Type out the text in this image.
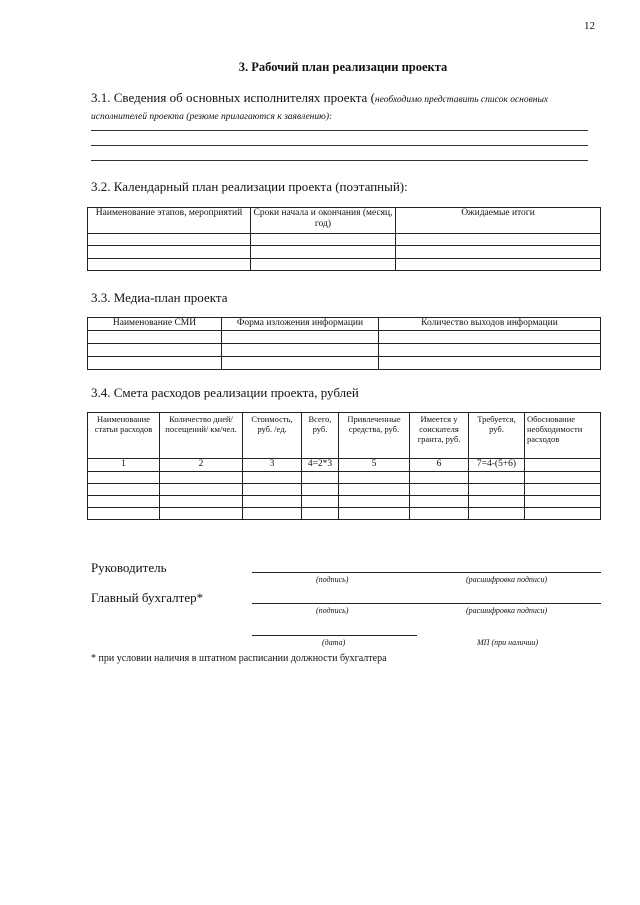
12
3. Рабочий план реализации проекта
3.1. Сведения об основных исполнителях проекта (необходимо представить список основных исполнителей проекта (резюме прилагаются к заявлению):
3.2. Календарный план реализации проекта (поэтапный):
Наименование этапов, мероприятий	Сроки начала и окончания (месяц, год)	Ожидаемые итоги

3.3. Медиа-план проекта
Наименование СМИ	Форма изложения информации	Количество выходов информации

3.4. Смета расходов реализации проекта, рублей
Наименование статьи расходов	Количество дней/посещений/ км/чел.	Стоимость, руб. /ед.	Всего, руб.	Привлеченные средства, руб.	Имеется у соискателя гранта, руб.	Требуется, руб.	Обоснование необходимости расходов
1	2	3	4=2*3	5	6	7=4-(5+6)	

Руководитель
(подпись)	(расшифровка подписи)
Главный бухгалтер*
(подпись)	(расшифровка подписи)
(дата)	МП (при наличии)
* при условии наличия в штатном расписании должности бухгалтера
